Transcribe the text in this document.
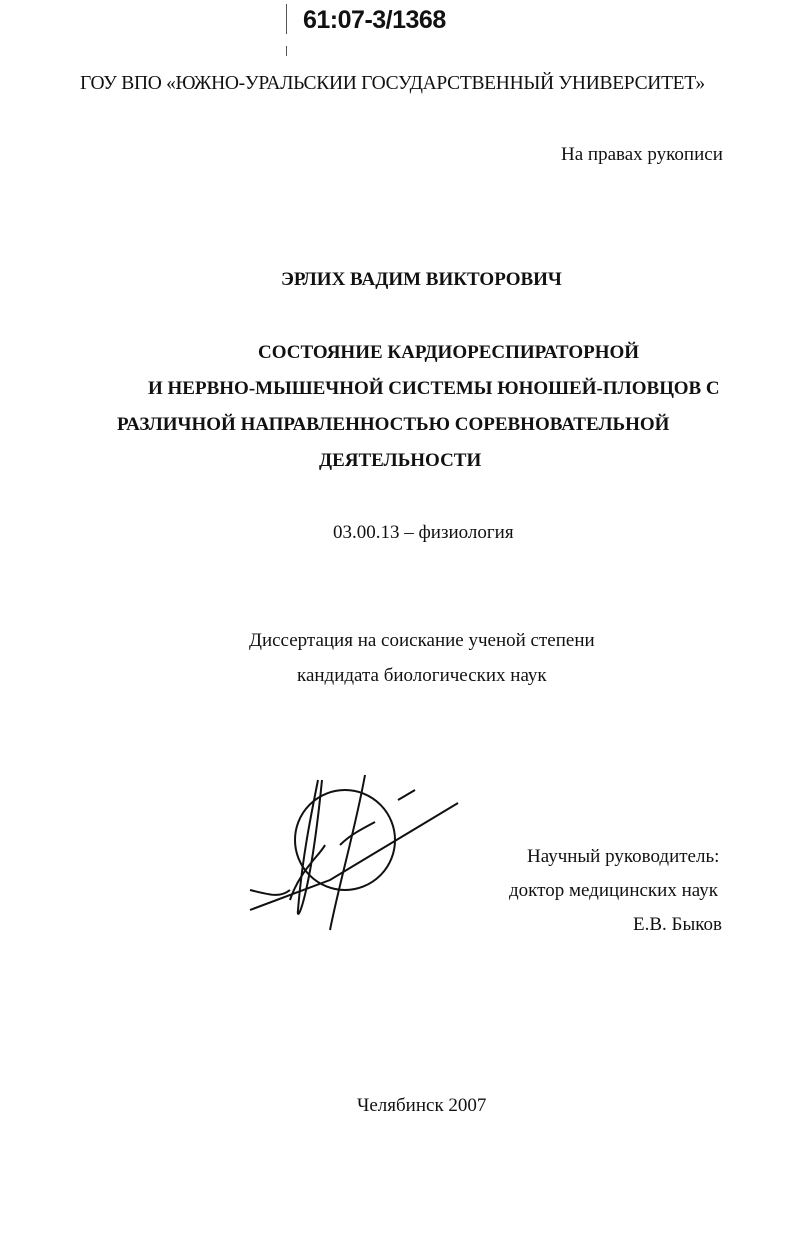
61:07-3/1368
ГОУ ВПО «ЮЖНО-УРАЛЬСКИИ ГОСУДАРСТВЕННЫЙ УНИВЕРСИТЕТ»
На правах рукописи
ЭРЛИХ ВАДИМ ВИКТОРОВИЧ
СОСТОЯНИЕ КАРДИОРЕСПИРАТОРНОЙ
И НЕРВНО-МЫШЕЧНОЙ СИСТЕМЫ ЮНОШЕЙ-ПЛОВЦОВ С
РАЗЛИЧНОЙ НАПРАВЛЕННОСТЬЮ СОРЕВНОВАТЕЛЬНОЙ
ДЕЯТЕЛЬНОСТИ
03.00.13 – физиология
Диссертация на соискание ученой степени
кандидата биологических наук
Научный руководитель:
доктор медицинских наук
Е.В. Быков
Челябинск 2007
